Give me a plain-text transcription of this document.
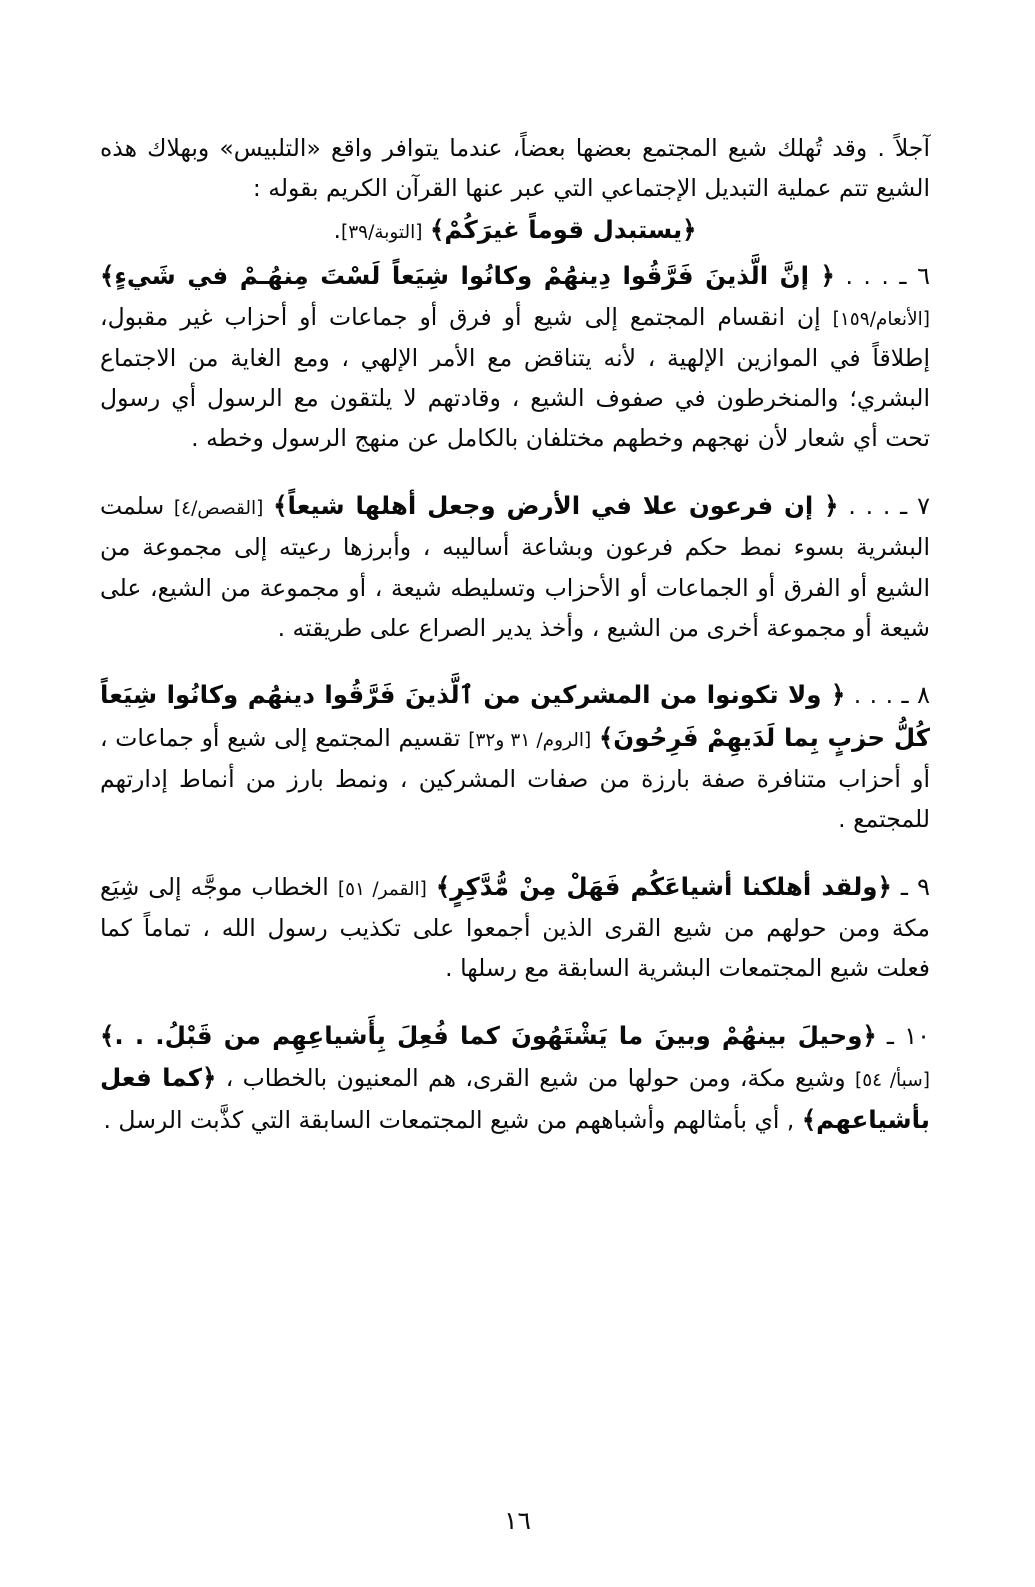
آجلاً . وقد تُهلك شيع المجتمع بعضها بعضاً، عندما يتوافر واقع «التلبيس» وبهلاك هذه الشيع تتم عملية التبديل الإجتماعي التي عبر عنها القرآن الكريم بقوله :

﴿يستبدل قوماً غيرَكُمْ﴾ [التوبة/٣٩].

٦ ـ . . . ﴿ إنَّ الَّذينَ فَرَّقُوا دِينهَُمْ وكانُوا شِيَعاً لَسْتَ مِنهُـمْ في شَيءٍ﴾ [الأنعام/١٥٩] إن انقسام المجتمع إلى شيع أو فرق أو جماعات أو أحزاب غير مقبول، إطلاقاً في الموازين الإلهية ، لأنه يتناقض مع الأمر الإلهي ، ومع الغاية من الاجتماع البشري؛ والمنخرطون في صفوف الشيع ، وقادتهم لا يلتقون مع الرسول أي رسول تحت أي شعار لأن نهجهم وخطهم مختلفان بالكامل عن منهج الرسول وخطه .

٧ ـ . . . ﴿ إن فرعون علا في الأرض وجعل أهلها شيعاً﴾ [القصص/٤] سلمت البشرية بسوء نمط حكم فرعون وبشاعة أساليبه ، وأبرزها رعيته إلى مجموعة من الشيع أو الفرق أو الجماعات أو الأحزاب وتسليطه شيعة ، أو مجموعة من الشيع، على شيعة أو مجموعة أخرى من الشيع ، وأخذ يدير الصراع على طريقته .

٨ ـ . . . ﴿ ولا تكونوا من المشركين من ٱلَّذينَ فَرَّقُوا دينهَُم وكانُوا شِيَعاً كُلُّ حزبٍ بِما لَدَيهِمْ فَرِحُونَ﴾ [الروم/ ٣١ و٣٢] تقسيم المجتمع إلى شيع أو جماعات ، أو أحزاب متنافرة صفة بارزة من صفات المشركين ، ونمط بارز من أنماط إدارتهم للمجتمع .

٩ ـ ﴿ولقد أهلكنا أشياعَكُم فَهَلْ مِنْ مُّدَّكِرٍ﴾ [القمر/ ٥١] الخطاب موجَّه إلى شِيَع مكة ومن حولهم من شيع القرى الذين أجمعوا على تكذيب رسول الله ، تماماً كما فعلت شيع المجتمعات البشرية السابقة مع رسلها .

١٠ ـ ﴿وحيلَ بينهُمْ وبينَ ما يَشْتَهُونَ كما فُعِلَ بِأَشياعِهِم من قَبْلُ. . .﴾ [سبأ/ ٥٤] وشيع مكة، ومن حولها من شيع القرى، هم المعنيون بالخطاب ، ﴿كما فعل بأشياعهم﴾ , أي بأمثالهم وأشباههم من شيع المجتمعات السابقة التي كذَّبت الرسل .

١٦
